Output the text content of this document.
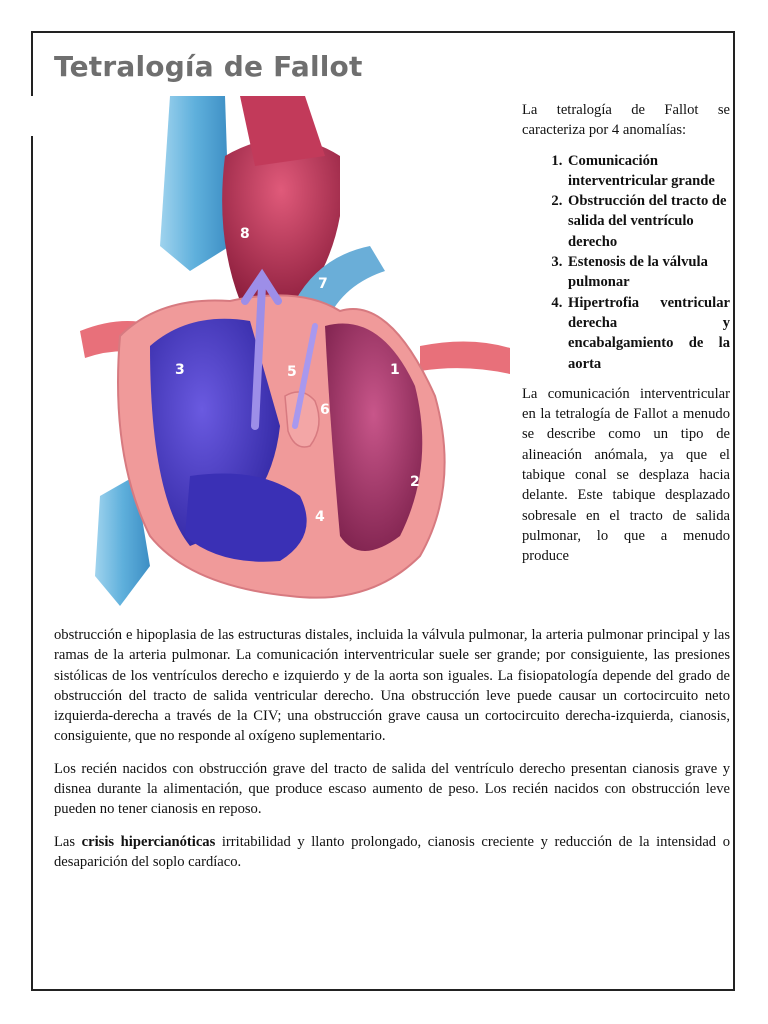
Tetralogía de Fallot
1
2
3
4
5
6
7
8

La tetralogía de Fallot se caracteriza por 4 anomalías:

1. Comunicación interventricular grande
2. Obstrucción del tracto de salida del ventrículo derecho
3. Estenosis de la válvula pulmonar
4. Hipertrofia ventricular derecha y encabalgamiento de la aorta

La comunicación interventricular en la tetralogía de Fallot a menudo se describe como un tipo de alineación anómala, ya que el tabique conal se desplaza hacia delante. Este tabique desplazado sobresale en el tracto de salida pulmonar, lo que a menudo produce

obstrucción e hipoplasia de las estructuras distales, incluida la válvula pulmonar, la arteria pulmonar principal y las ramas de la arteria pulmonar. La comunicación interventricular suele ser grande; por consiguiente, las presiones sistólicas de los ventrículos derecho e izquierdo y de la aorta son iguales. La fisiopatología depende del grado de obstrucción del tracto de salida ventricular derecho. Una obstrucción leve puede causar un cortocircuito neto izquierda-derecha a través de la CIV; una obstrucción grave causa un cortocircuito derecha-izquierda, cianosis, consiguiente, que no responde al oxígeno suplementario.

Los recién nacidos con obstrucción grave del tracto de salida del ventrículo derecho presentan cianosis grave y disnea durante la alimentación, que produce escaso aumento de peso. Los recién nacidos con obstrucción leve pueden no tener cianosis en reposo.

Las crisis hipercianóticas irritabilidad y llanto prolongado, cianosis creciente y reducción de la intensidad o desaparición del soplo cardíaco.
